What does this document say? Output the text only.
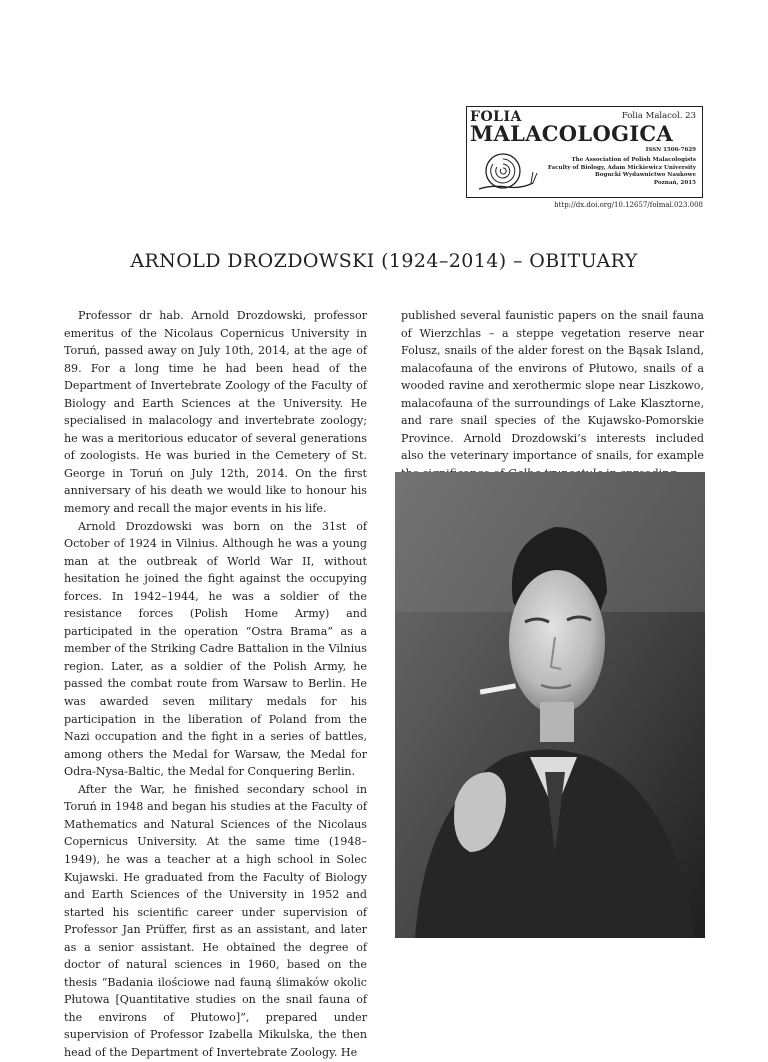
FOLIA
MALACOLOGICA
Folia Malacol. 23
ISSN 1506-7629
The Association of Polish Malacologists
Faculty of Biology, Adam Mickiewicz University
Bogucki Wydawnictwo Naukowe
Poznań, 2015
http://dx.doi.org/10.12657/folmal.023.008
ARNOLD DROZDOWSKI (1924–2014) – OBITUARY

Professor dr hab. Arnold Drozdowski, professor emeritus of the Nicolaus Copernicus University in Toruń, passed away on July 10th, 2014, at the age of 89. For a long time he had been head of the Department of Invertebrate Zoology of the Faculty of Biology and Earth Sciences at the University. He specialised in malacology and invertebrate zoology; he was a meritorious educator of several generations of zoologists. He was buried in the Cemetery of St. George in Toruń on July 12th, 2014. On the first anniversary of his death we would like to honour his memory and recall the major events in his life.

Arnold Drozdowski was born on the 31st of October of 1924 in Vilnius. Although he was a young man at the outbreak of World War II, without hesitation he joined the fight against the occupying forces. In 1942–1944, he was a soldier of the resistance forces (Polish Home Army) and participated in the operation “Ostra Brama” as a member of the Striking Cadre Battalion in the Vilnius region. Later, as a soldier of the Polish Army, he passed the combat route from Warsaw to Berlin. He was awarded seven military medals for his participation in the liberation of Poland from the Nazi occupation and the fight in a series of battles, among others the Medal for Warsaw, the Medal for Odra-Nysa-Baltic, the Medal for Conquering Berlin.

After the War, he finished secondary school in Toruń in 1948 and began his studies at the Faculty of Mathematics and Natural Sciences of the Nicolaus Copernicus University. At the same time (1948–1949), he was a teacher at a high school in Solec Kujawski. He graduated from the Faculty of Biology and Earth Sciences of the University in 1952 and started his scientific career under supervision of Professor Jan Prüffer, first as an assistant, and later as a senior assistant. He obtained the degree of doctor of natural sciences in 1960, based on the thesis “Badania ilościowe nad fauną ślimaków okolic Płutowa [Quantitative studies on the snail fauna of the environs of Płutowo]”, prepared under supervision of Professor Izabella Mikulska, the then head of the Department of Invertebrate Zoology. He

published several faunistic papers on the snail fauna of Wierzchlas – a steppe vegetation reserve near Folusz, snails of the alder forest on the Bąsak Island, malacofauna of the environs of Płutowo, snails of a wooded ravine and xerothermic slope near Liszkowo, malacofauna of the surroundings of Lake Klasztorne, and rare snail species of the Kujawsko-Pomorskie Province. Arnold Drozdowski’s interests included also the veterinary importance of snails, for example
